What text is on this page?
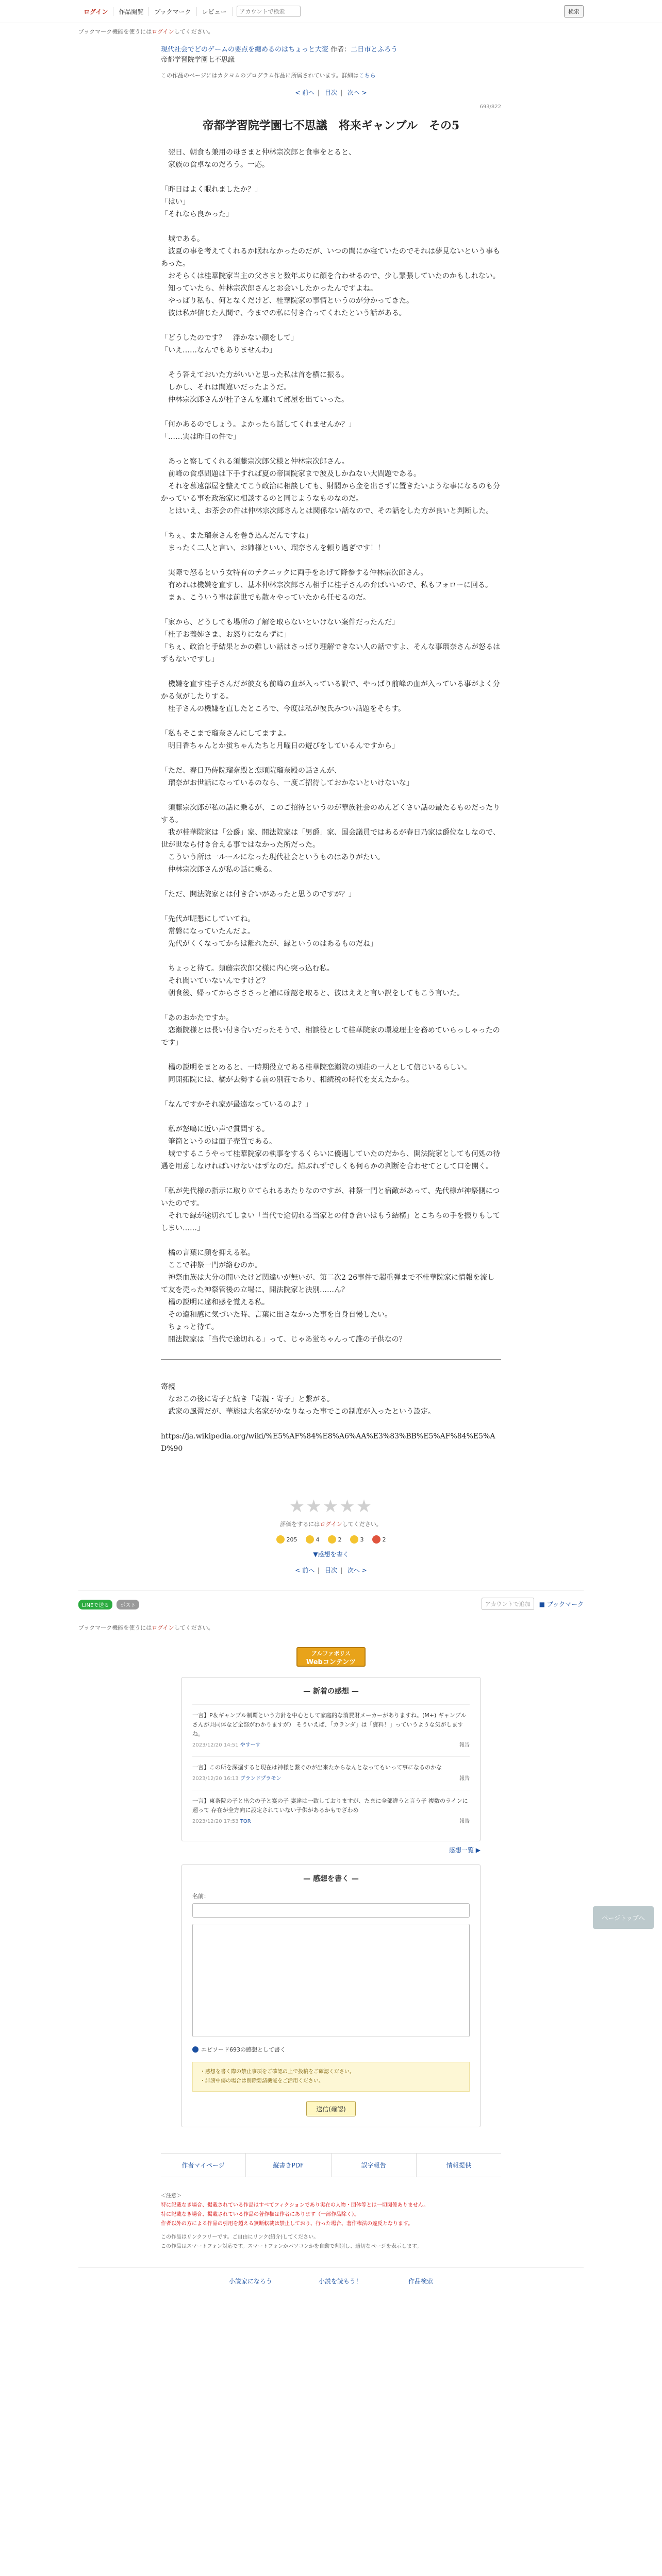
ログイン	作品閲覧	ブックマーク	レビュー
アカウントで検索	検索
ブックマーク機能を使うにはログインしてください。
現代社会でどのゲームの要点を纏めるのはちょっと大変 作者：二日市とふろう
帝都学習院学園七不思議
この作品のページにはカクヨムのプログラム作品に所属されています。詳細はこちら
< 前へ | 目次 | 次へ >
693/822
帝都学習院学園七不思議　将来ギャンブル　その5

　翌日、朝食も兼用の母さまと仲林宗次郎と食事をとると、

　家族の食卓なのだろう。一応。

「昨日はよく眠れましたか？」

「はい」

「それなら良かった」

　城である。

　波夏の事を考えてくれるか眠れなかったのだが、いつの間にか寝ていたのでそれは夢見ないという事もあった。

　おそらくは桂華院家当主の父さまと数年ぶりに顔を合わせるので、少し緊張していたのかもしれない。

　知っていたら、仲林宗次郎さんとお会いしたかったんですよね。

　やっぱり私も、何となくだけど、桂華院家の事情というのが分かってきた。

　彼は私が信じた人間で、今までの私に付き合ってくれたという話がある。

「どうしたのです？　浮かない顔をして」

「いえ……なんでもありませんわ」

　そう答えておいた方がいいと思った私は首を横に振る。

　しかし、それは間違いだったようだ。

　仲林宗次郎さんが桂子さんを連れて部屋を出ていった。

「何かあるのでしょう。よかったら話してくれませんか？」

「……実は昨日の件で」

　あっと察してくれる須藤宗次郎父様と仲林宗次郎さん。

　前峰の食卓問題は下手すれば夏の帝国院家まで波及しかねない大問題である。

　それを慕遠部屋を整えてこう政治に相談しても、財閥から金を出さずに置きたいような事になるのも分かっている事を政治家に相談するのと同じようなものなのだ。

　とはいえ、お茶会の件は仲林宗次郎さんとは関係ない話なので、その話をした方が良いと判断した。

「ちぇ、また瑠奈さんを巻き込んだんですね」

　まったく二人と言い、お姉様といい、瑠奈さんを頼り過ぎです！！

　実際で怒るという女特有のテクニックに両手をあげて降参する仲林宗次郎さん。

　有めれは機嫌を直すし、基本仲林宗次郎さん相手に桂子さんの弁ばいいので、私もフォローに回る。

　まぁ、こういう事は前世でも散々やっていたから任せるのだ。

「家から、どうしても場所の了解を取らないといけない案件だったんだ」

「桂子お義姉さま、お怒りにならずに」

「ちぇ、政治と手結果とかの難しい話はさっぱり理解できない人の話ですよ、そんな事瑠奈さんが怒るはずもないですし」

　機嫌を直す桂子さんだが彼女も前峰の血が入っている訳で、やっぱり前峰の血が入っている事がよく分かる気がしたりする。

　桂子さんの機嫌を直したところで、今度は私が彼氏みつい話題をそらす。

「私もそこまで瑠奈さんにしてますよ。

　明日香ちゃんとか蛍ちゃんたちと月曜日の遊びをしているんですから」

「ただ、春日乃侍院瑠奈殿と恋頃院瑠奈殿の話さんが、

　瑠奈がお世話になっているのなら、一度ご招待しておかないといけないな」

　須藤宗次郎が私の話に乗るが、このご招待というのが華族社会のめんどくさい話の最たるものだったりする。

　我が桂華院家は「公爵」家、開法院家は「男爵」家、国会議員ではあるが春日乃家は爵位なしなので、世が世なら付き合える事ではなかった所だった。

　こういう所は一ルールになった現代社会というものはありがたい。

　仲林宗次郎さんが私の話に乗る。

「ただ、開法院家とは付き合いがあったと思うのですが？」

「先代が昵懇にしていてね。

　常磐になっていたんだよ。

　先代がくくなってからは離れたが、縁というのはあるものだね」

　ちょっと待て。須藤宗次郎父様に内心突っ込む私。

　それ聞いていないんですけど？

　朝食後、帰ってからさささっと補に確認を取ると、彼はええと言い訳をしてもこう言いた。

「あのおかたですか。

　恋瀬院様とは長い付き合いだったそうで、相談役として桂華院家の環境理士を務めていらっしゃったのです」

　橘の説明をまとめると、一時期役立である桂華院恋瀬院の別荘の一人として信じいるらしい。

　同開拓院には、橘が去勢する前の別荘であり、相続税の時代を支えたから。

「なんですかそれ家が最遠なっているのよ？」

　私が怒鳴に近い声で質問する。

　筆筒というのは面子売買である。

　城でするこうやって桂華院家の執事をするくらいに優遇していたのだから、開法院家としても何処の待遇を用意しなければいけないはずなのだ。結ぶれずでしくも何らかの判断を合わせてとして口を開く。

「私が先代様の指示に取り立てられるあたりなのですが、神祭一門と宿敵があって、先代様が神祭側についたのです。

　それで縁が途切れてしまい「当代で途切れる当家との付き合いはもう結構」とこちらの手を振りもしてしまい……」

　橘の言葉に顔を抑える私。

　ここで神祭一門が絡むのか。

　神祭血族は大分の間いたけど関違いが無いが、第二次2 26事件で超重弾まで不桂華院家に情報を流して友を売った神祭管後の立場に、開法院家と決別……ん？

　橘の説明に違和感を覚える私。

　その違和感に気づいた時、言葉に出さなかった事を自身自慢したい。

　ちょっと待て。

　開法院家は「当代で途切れる」って、じゃあ蛍ちゃんって誰の子供なの？

寄親

　なおこの後に寄子と続き「寄親・寄子」と繋がる。

　武家の風習だが、華族は大名家がかなりなった事でこの制度が入ったという設定。

https://ja.wikipedia.org/wiki/%E5%AF%84%E8%A6%AA%E3%83%BB%E5%AF%84%E5%AD%90

★★★★★
評価をするにはログインしてください。
205	4	2	3	2
▼感想を書く
< 前へ | 目次 | 次へ >
ページトップへ
LINEで送る ポスト	アカウントで追加	■ ブックマーク
ブックマーク機能を使うにはログインしてください。
アルファポリス
Webコンテンツ
— 新着の感想 —
一言】P＆ギャンブル制覇という方針を中心として家庭的な消費財メーカーがありますね。(M+) ギャンブルさんが共同体など全部がわかりますが） そういえば、「カランダ」は「資料！」っていうような気がしますね。
2023/12/20 14:51 やすーす	報告
一言】この所を深掘すると現在は神様と繋ぐのが出来たからなんとなってもいって事になるのかな
2023/12/20 16:13 ブランドプラモン	報告
一言】東条院の子と出会の子と宴の子 妻達は一致しておりますが、たまに全部違うと言う子 複数のラインに遡って 存在が全方向に設定されていない子供があるかもでざわめ
2023/12/20 17:53 TOR	報告
感想一覧 ▶
— 感想を書く —
名前：

エピソード693の感想として書く
・感想を書く際の禁止事項をご確認の上で投稿をご確認ください。
・誹謗中傷の場合は削除要請機能をご活用ください。
送信(確認)
作者マイページ	縦書きPDF	誤字報告	情報提供
＜注意＞
特に記載なき場合、掲載されている作品はすべてフィクションであり実在の人物・団体等とは一切関係ありません。
特に記載なき場合、掲載されている作品の著作権は作者にあります（一部作品除く）。
作者以外の方による作品の引用を超える無断転載は禁止しており、行った場合、著作権法の違反となります。
この作品はリンクフリーです。ご自由にリンク(紹介)してください。
この作品はスマートフォン対応です。スマートフォンかパソコンかを自動で判別し、適切なページを表示します。
小説家になろう	小説を読もう！	作品検索
